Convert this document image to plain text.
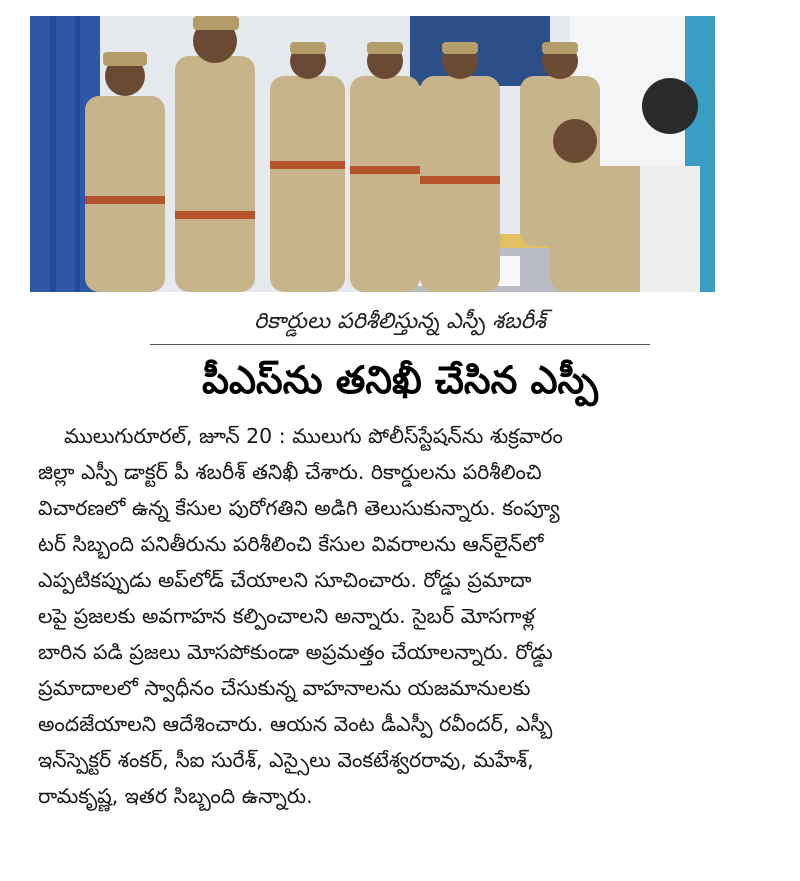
రికార్డులు పరిశీలిస్తున్న ఎస్పీ శబరీశ్
పీఎస్‌ను తనిఖీ చేసిన ఎస్పీ
ములుగురూరల్, జూన్ 20 : ములుగు పోలీస్‌స్టేషన్‌ను శుక్రవారం
జిల్లా ఎస్పీ డాక్టర్ పీ శబరీశ్ తనిఖీ చేశారు. రికార్డులను పరిశీలించి
విచారణలో ఉన్న కేసుల పురోగతిని అడిగి తెలుసుకున్నారు. కంప్యూ
టర్ సిబ్బంది పనితీరును పరిశీలించి కేసుల వివరాలను ఆన్‌లైన్‌లో
ఎప్పటికప్పుడు అప్‌లోడ్ చేయాలని సూచించారు. రోడ్డు ప్రమాదా
లపై ప్రజలకు అవగాహన కల్పించాలని అన్నారు. సైబర్ మోసగాళ్ల
బారిన పడి ప్రజలు మోసపోకుండా అప్రమత్తం చేయాలన్నారు. రోడ్డు
ప్రమాదాలలో స్వాధీనం చేసుకున్న వాహనాలను యజమానులకు
అందజేయాలని ఆదేశించారు. ఆయన వెంట డీఎస్పీ రవీందర్, ఎస్బీ
ఇన్‌స్పెక్టర్ శంకర్, సీఐ సురేశ్, ఎస్సైలు వెంకటేశ్వరరావు, మహేశ్,
రామకృష్ణ, ఇతర సిబ్బంది ఉన్నారు.
